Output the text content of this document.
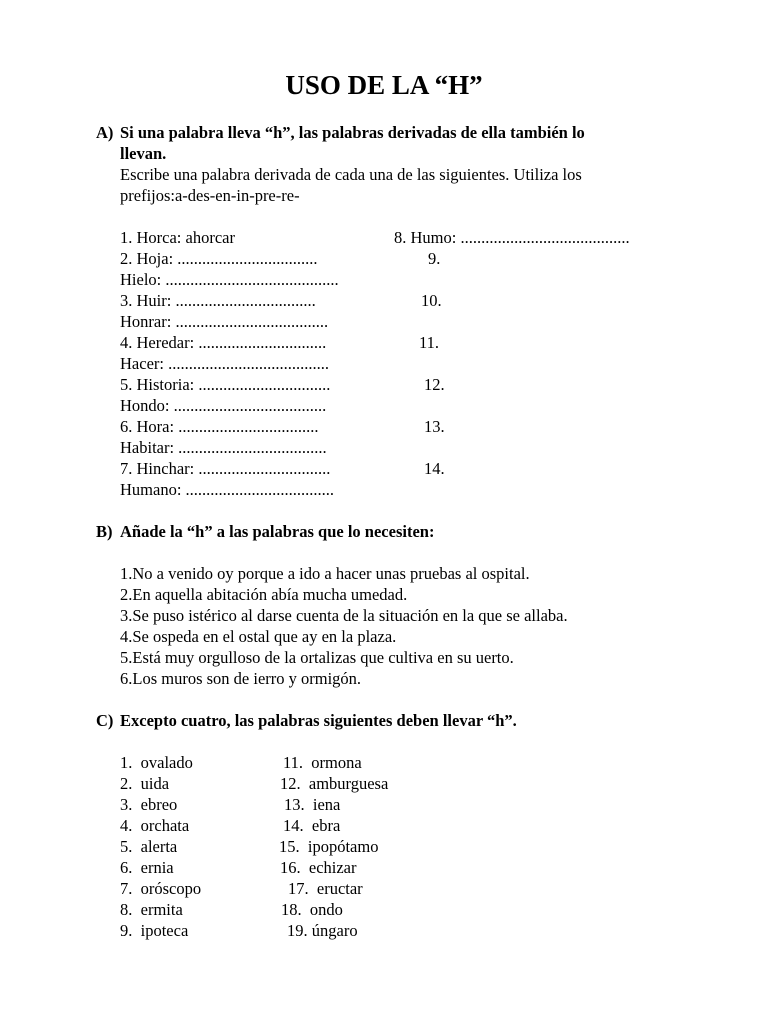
USO DE LA “H”
A) Si una palabra lleva “h”, las palabras derivadas de ella también lo
llevan.
Escribe una palabra derivada de cada una de las siguientes. Utiliza los
prefijos:a-des-en-in-pre-re-
1. Horca: ahorcar
2. Hoja: ..................................
Hielo: ..........................................
3. Huir: ..................................
Honrar: .....................................
4. Heredar: ...............................
Hacer: .......................................
5. Historia: ................................
Hondo: .....................................
6. Hora: ..................................
Habitar: ....................................
7. Hinchar: ................................
Humano: ....................................
8. Humo: .........................................
9.
10.
11.
12.
13.
14.
B) Añade la “h” a las palabras que lo necesiten:
1.No a venido oy porque a ido a hacer unas pruebas al ospital.
2.En aquella abitación abía mucha umedad.
3.Se puso istérico al darse cuenta de la situación en la que se allaba.
4.Se ospeda en el ostal que ay en la plaza.
5.Está muy orgulloso de la ortalizas que cultiva en su uerto.
6.Los muros son de ierro y ormigón.
C) Excepto cuatro, las palabras siguientes deben llevar “h”.
1.  ovalado
2.  uida
3.  ebreo
4.  orchata
5.  alerta
6.  ernia
7.  oróscopo
8.  ermita
9.  ipoteca
11.  ormona
12.  amburguesa
13.  iena
14.  ebra
15.  ipopótamo
16.  echizar
17.  eructar
18.  ondo
19. úngaro
